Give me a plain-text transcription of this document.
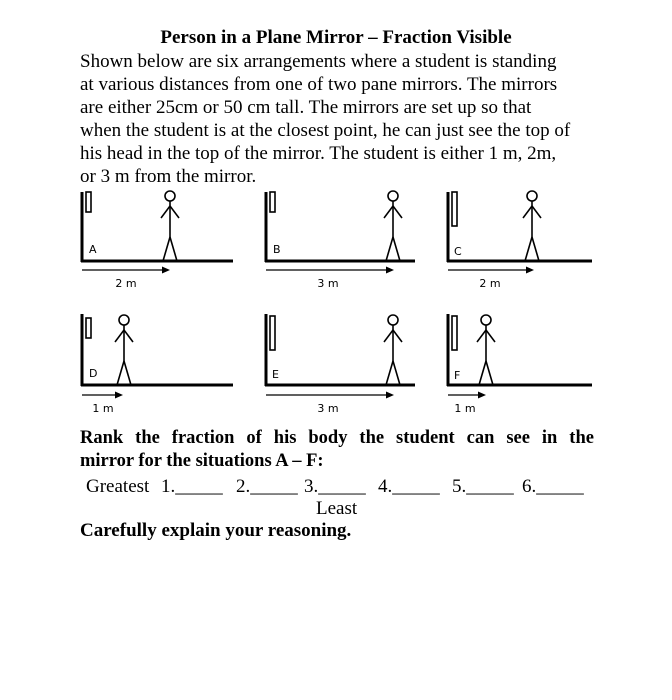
Person in a Plane Mirror – Fraction Visible
Shown below are six arrangements where a student is standing
at various distances from one of two pane mirrors. The mirrors
are either 25cm or 50 cm tall. The mirrors are set up so that
when the student is at the closest point, he can just see the top of
his head in the top of the mirror. The student is either 1 m, 2m,
or 3 m from the mirror.
A
2 m
B
3 m
C
2 m
D
1 m
E
3 m
F
1 m
Rank the fraction of his body the student can see in the
mirror for the situations A – F:
Greatest 1._____ 2._____ 3._____ 4._____ 5._____ 6._____
Least
Carefully explain your reasoning.
